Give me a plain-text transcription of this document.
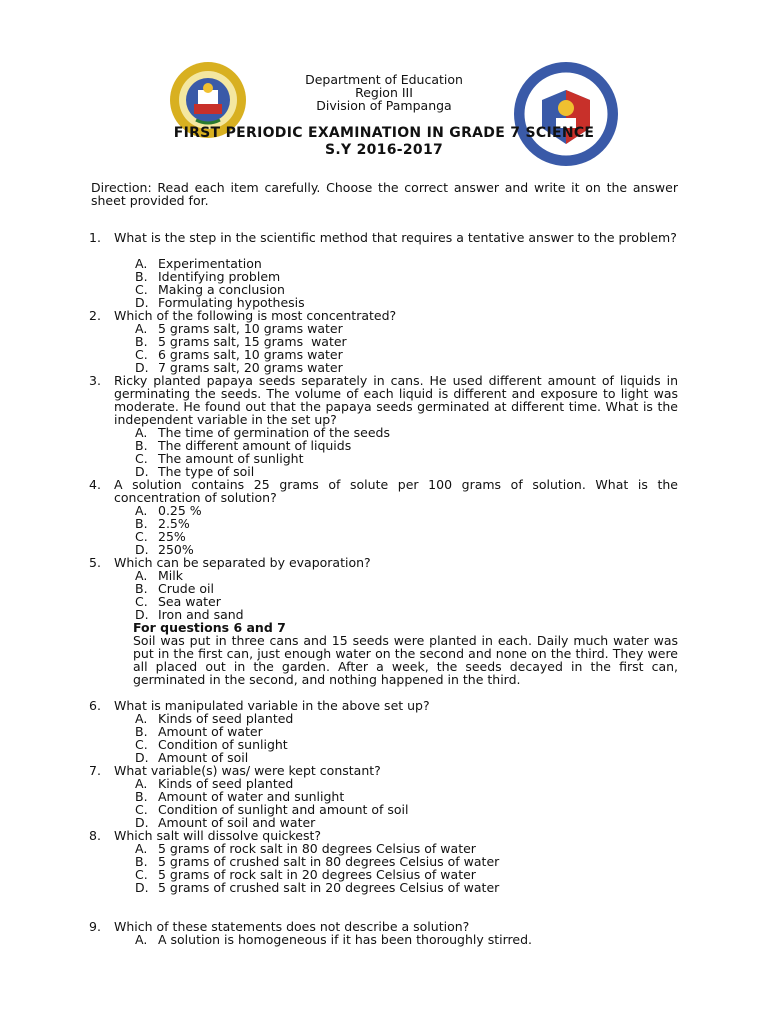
Department of Education
Region III
Division of Pampanga
FIRST PERIODIC EXAMINATION IN GRADE 7 SCIENCE
S.Y 2016-2017
Direction: Read each item carefully. Choose the correct answer and write it on the answer sheet provided for.
1. What is the step in the scientific method that requires a tentative answer to the problem?
A. Experimentation
B. Identifying problem
C. Making a conclusion
D. Formulating hypothesis
2. Which of the following is most concentrated?
A. 5 grams salt, 10 grams water
B. 5 grams salt, 15 grams  water
C. 6 grams salt, 10 grams water
D. 7 grams salt, 20 grams water
3. Ricky planted papaya seeds separately in cans. He used different amount of liquids in germinating the seeds. The volume of each liquid is different and exposure to light was moderate. He found out that the papaya seeds germinated at different time. What is the independent variable in the set up?
A. The time of germination of the seeds
B. The different amount of liquids
C. The amount of sunlight
D. The type of soil
4. A solution contains 25 grams of solute per 100 grams of solution. What is the concentration of solution?
A. 0.25 %
B. 2.5%
C. 25%
D. 250%
5. Which can be separated by evaporation?
A. Milk
B. Crude oil
C. Sea water
D. Iron and sand
For questions 6 and 7
Soil was put in three cans and 15 seeds were planted in each. Daily much water was put in the first can, just enough water on the second and none on the third. They were all placed out in the garden. After a week, the seeds decayed in the first can, germinated in the second, and nothing happened in the third.
6. What is manipulated variable in the above set up?
A. Kinds of seed planted
B. Amount of water
C. Condition of sunlight
D. Amount of soil
7. What variable(s) was/ were kept constant?
A. Kinds of seed planted
B. Amount of water and sunlight
C. Condition of sunlight and amount of soil
D. Amount of soil and water
8. Which salt will dissolve quickest?
A. 5 grams of rock salt in 80 degrees Celsius of water
B. 5 grams of crushed salt in 80 degrees Celsius of water
C. 5 grams of rock salt in 20 degrees Celsius of water
D. 5 grams of crushed salt in 20 degrees Celsius of water
9. Which of these statements does not describe a solution?
A. A solution is homogeneous if it has been thoroughly stirred.
